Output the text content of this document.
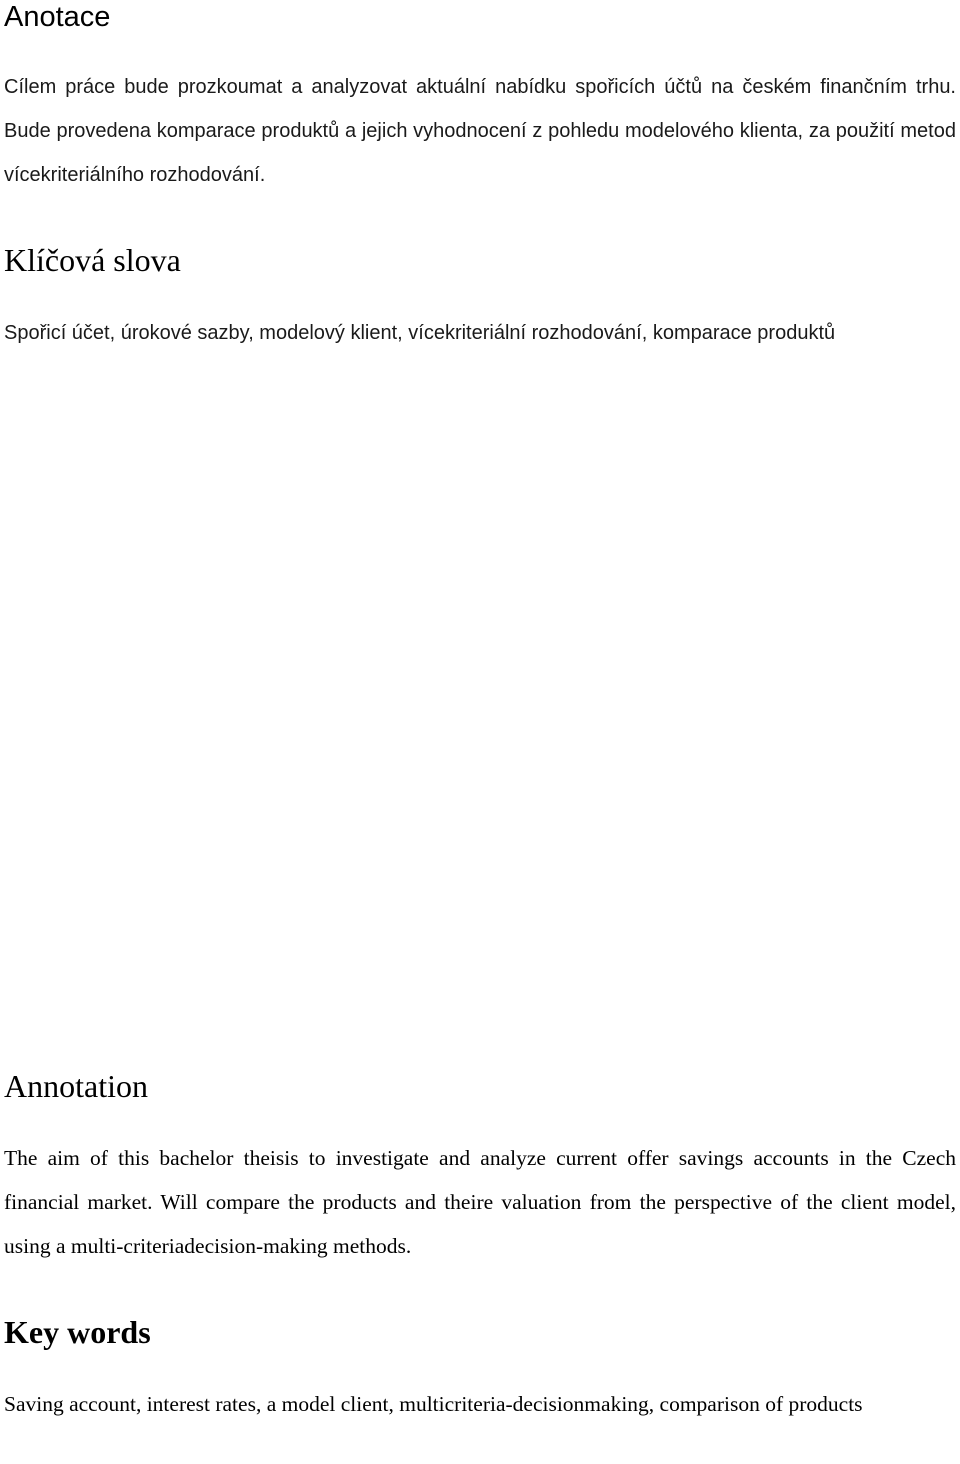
Anotace

Cílem práce bude prozkoumat a analyzovat aktuální nabídku spořicích účtů na českém finančním trhu. Bude provedena komparace produktů a jejich vyhodnocení z pohledu modelového klienta, za použití metod vícekriteriálního rozhodování.

Klíčová slova

Spořicí účet, úrokové sazby, modelový klient, vícekriteriální rozhodování, komparace produktů

Annotation

The aim of this bachelor theisis to investigate and analyze current offer savings accounts in the Czech financial market. Will compare the products and theire valuation from the perspective of the client model, using a multi-criteriadecision-making methods.

Key words

Saving account, interest rates, a model client, multicriteria-decisionmaking, comparison of products
